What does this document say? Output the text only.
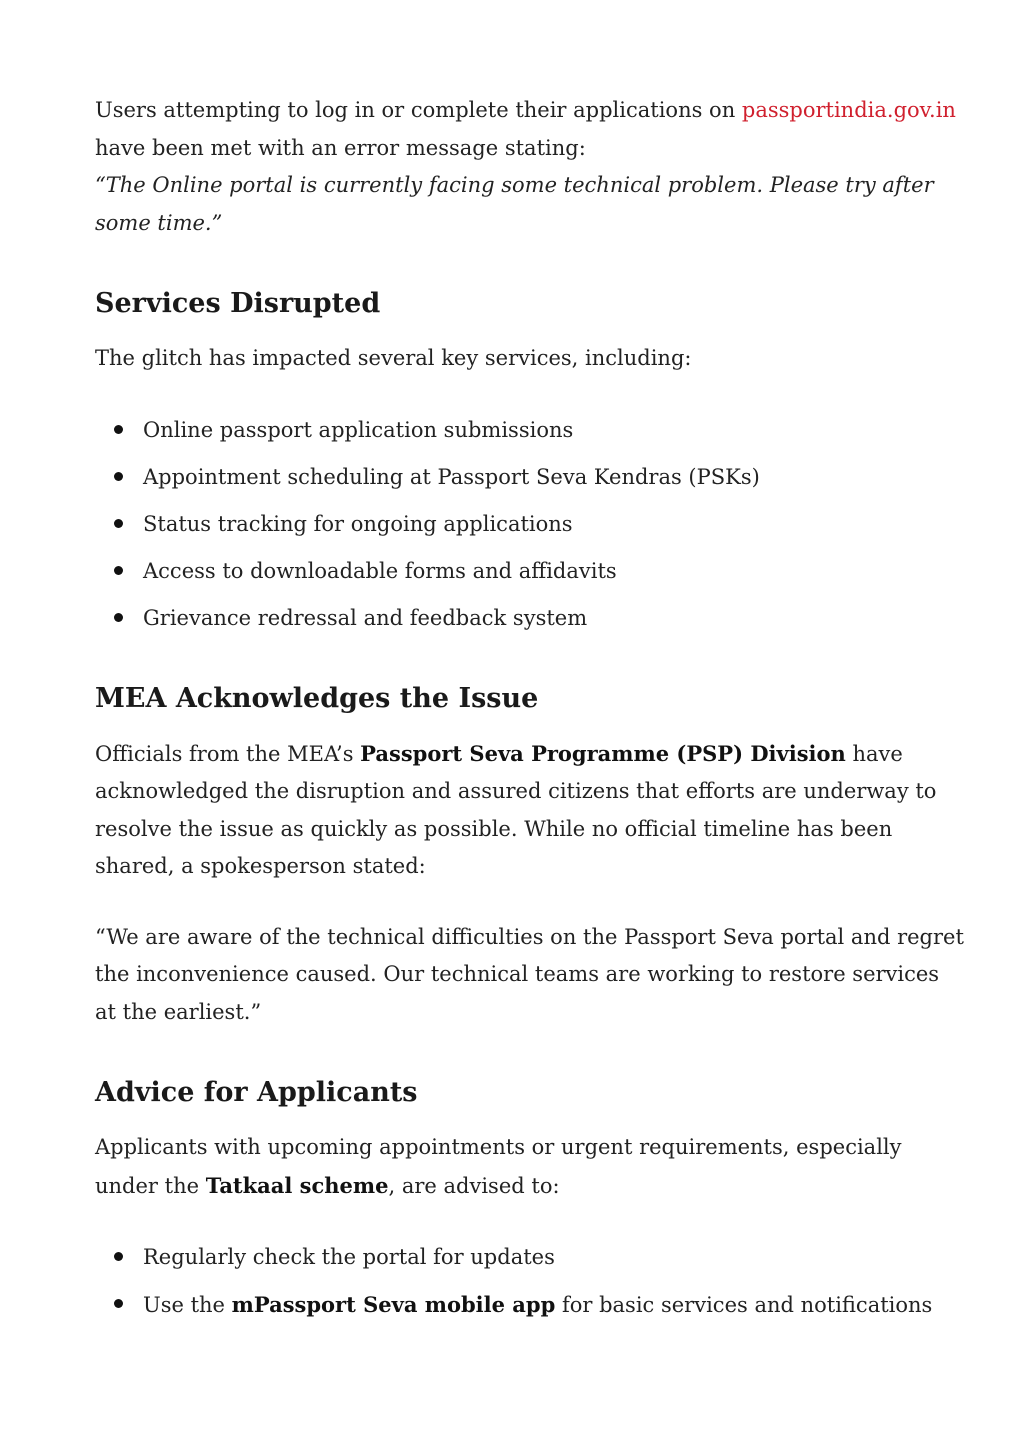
Users attempting to log in or complete their applications on passportindia.gov.in have been met with an error message stating:

“The Online portal is currently facing some technical problem. Please try after some time.”

Services Disrupted

The glitch has impacted several key services, including:

Online passport application submissions
Appointment scheduling at Passport Seva Kendras (PSKs)
Status tracking for ongoing applications
Access to downloadable forms and affidavits
Grievance redressal and feedback system
MEA Acknowledges the Issue

Officials from the MEA’s Passport Seva Programme (PSP) Division have acknowledged the disruption and assured citizens that efforts are underway to resolve the issue as quickly as possible. While no official timeline has been shared, a spokesperson stated:

“We are aware of the technical difficulties on the Passport Seva portal and regret the inconvenience caused. Our technical teams are working to restore services at the earliest.”

Advice for Applicants

Applicants with upcoming appointments or urgent requirements, especially under the Tatkaal scheme, are advised to:

Regularly check the portal for updates
Use the mPassport Seva mobile app for basic services and notifications
